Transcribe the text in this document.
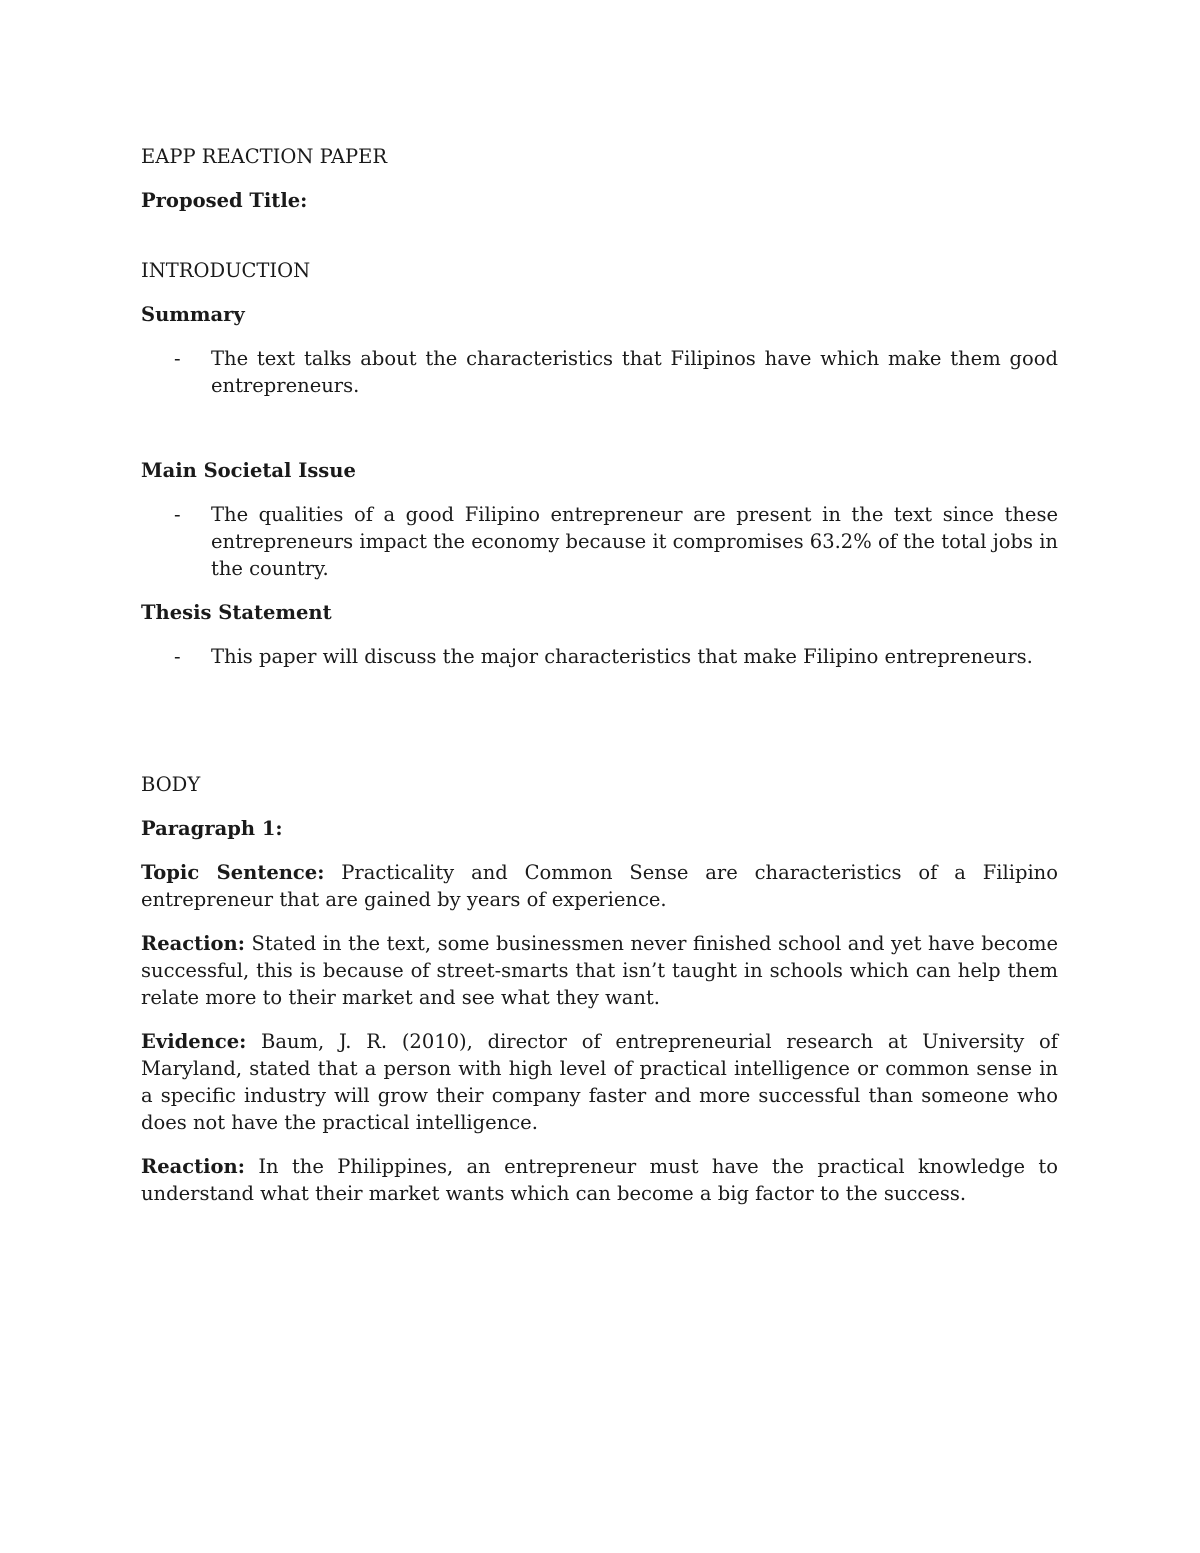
EAPP REACTION PAPER

Proposed Title:

INTRODUCTION

Summary

- The text talks about the characteristics that Filipinos have which make them good entrepreneurs.

Main Societal Issue

- The qualities of a good Filipino entrepreneur are present in the text since these entrepreneurs impact the economy because it compromises 63.2% of the total jobs in the country.

Thesis Statement

- This paper will discuss the major characteristics that make Filipino entrepreneurs.

BODY

Paragraph 1:

Topic Sentence: Practicality and Common Sense are characteristics of a Filipino entrepreneur that are gained by years of experience.

Reaction: Stated in the text, some businessmen never finished school and yet have become successful, this is because of street-smarts that isn’t taught in schools which can help them relate more to their market and see what they want.

Evidence: Baum, J. R. (2010), director of entrepreneurial research at University of Maryland, stated that a person with high level of practical intelligence or common sense in a specific industry will grow their company faster and more successful than someone who does not have the practical intelligence.

Reaction: In the Philippines, an entrepreneur must have the practical knowledge to understand what their market wants which can become a big factor to the success.
